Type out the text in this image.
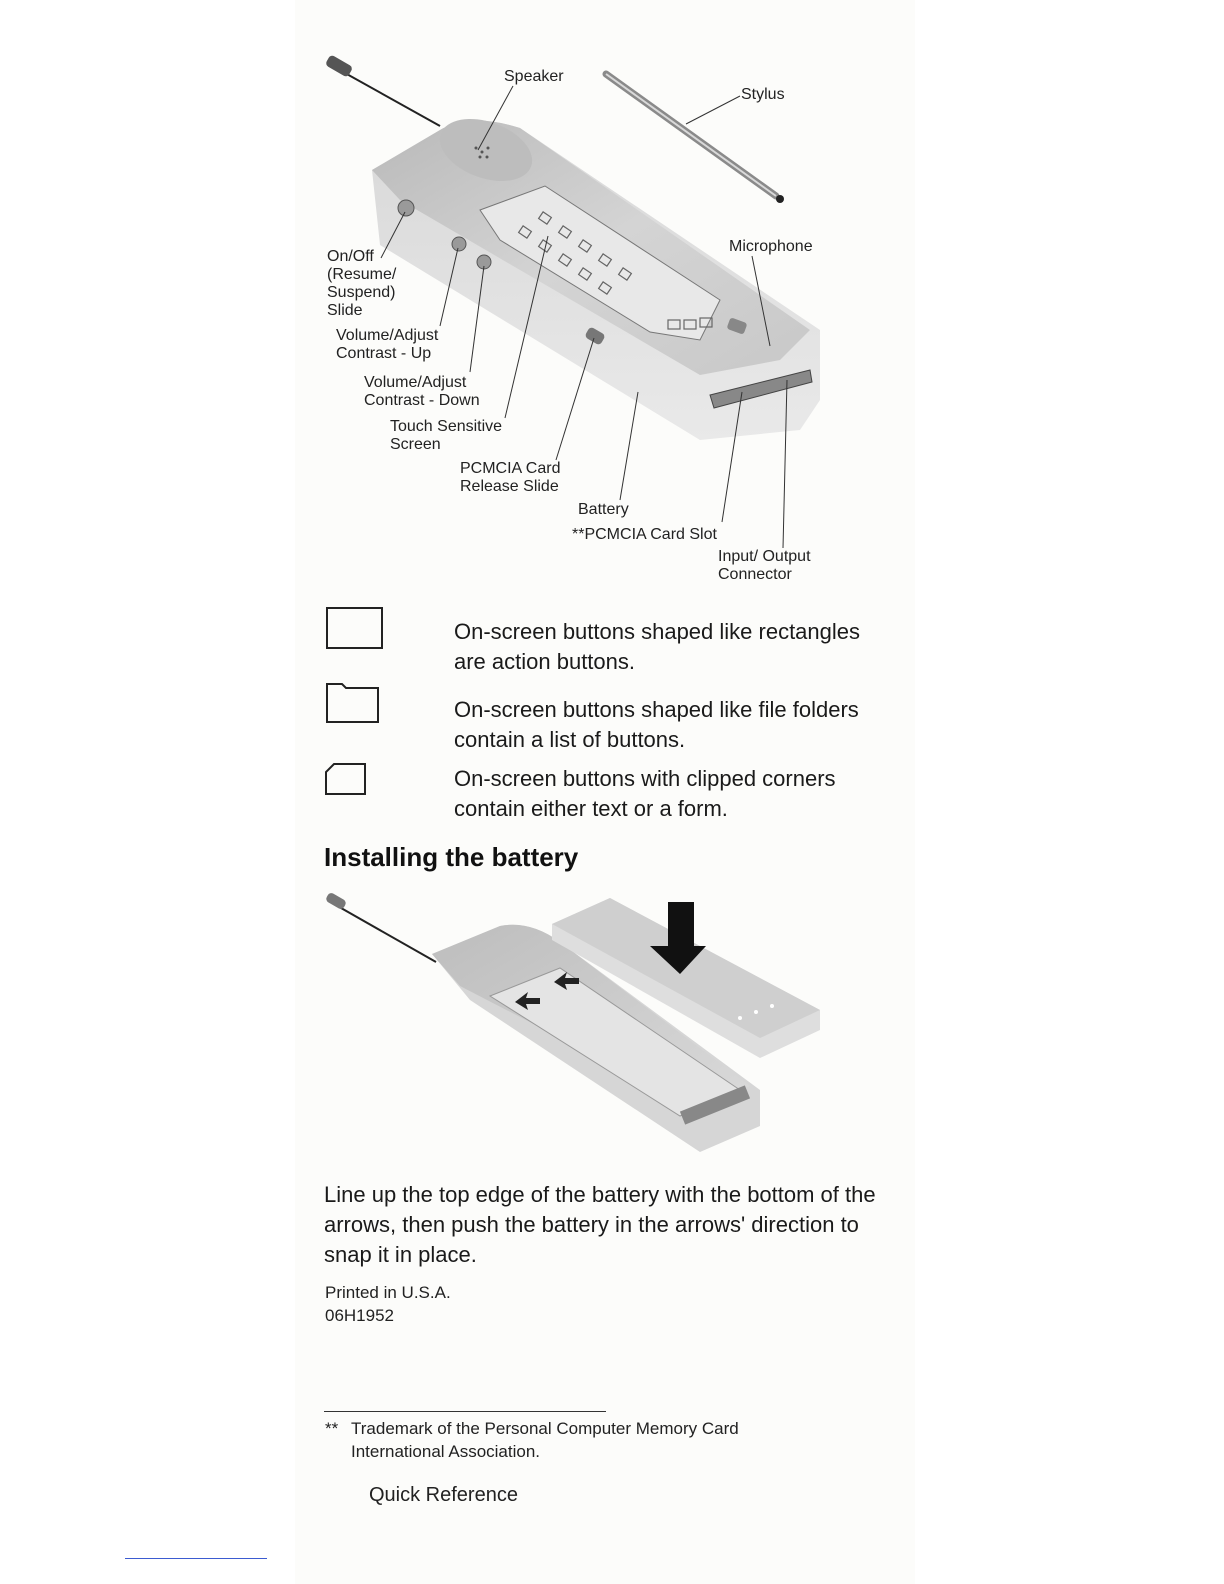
Speaker
Stylus
Microphone
On/Off
(Resume/
Suspend)
Slide
Volume/Adjust
Contrast - Up
Volume/Adjust
Contrast - Down
Touch Sensitive
Screen
PCMCIA Card
Release Slide
Battery
**PCMCIA Card Slot
Input/ Output
Connector
On-screen buttons shaped like rectangles are action buttons.
On-screen buttons shaped like file folders contain a list of buttons.
On-screen buttons with clipped corners contain either text or a form.
Installing the battery
Line up the top edge of the battery with the bottom of the arrows, then push the battery in the arrows' direction to snap it in place.
Printed in U.S.A.
06H1952
** Trademark of the Personal Computer Memory Card
International Association.
Quick Reference
